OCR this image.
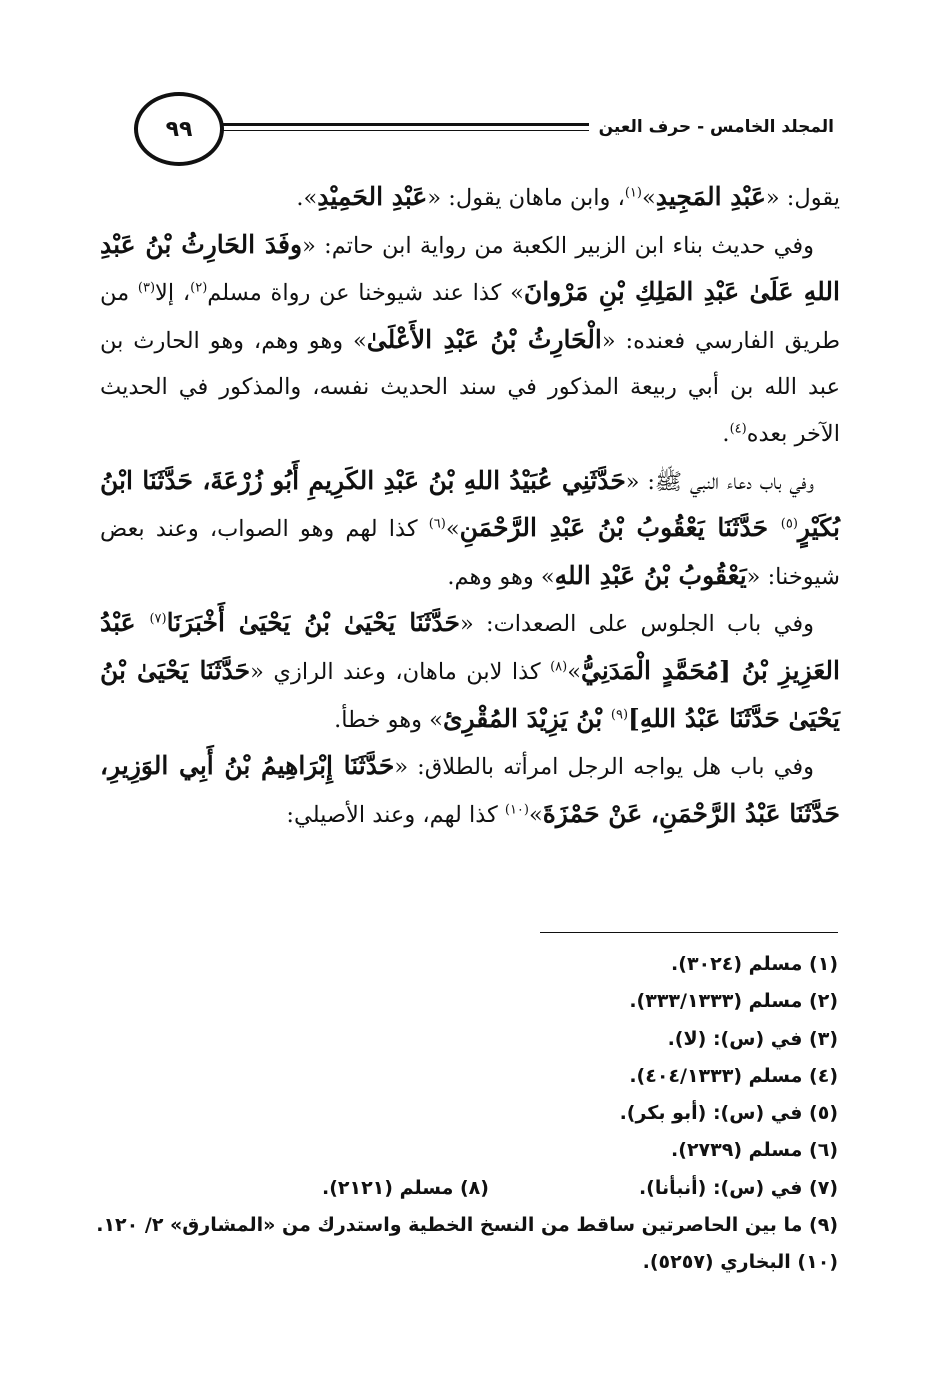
المجلد الخامس - حرف العين
٩٩

يقول: «عَبْدِ المَجِيدِ»$^{(١)}$، وابن ماهان يقول: «عَبْدِ الحَمِيْدِ».

وفي حديث بناء ابن الزبير الكعبة من رواية ابن حاتم: «وفَدَ الحَارِثُ بْنُ عَبْدِ اللهِ عَلَىٰ عَبْدِ المَلِكِ بْنِ مَرْوانَ» كذا عند شيوخنا عن رواة مسلم$^{(٢)}$، إلا$^{(٣)}$ من طريق الفارسي فعنده: «الْحَارِثُ بْنُ عَبْدِ الأَعْلَىٰ» وهو وهم، وهو الحارث بن عبد الله بن أبي ربيعة المذكور في سند الحديث نفسه، والمذكور في الحديث الآخر بعده$^{(٤)}$.

وفي باب دعاء النبي ﷺ: «حَدَّثَنِي عُبَيْدُ اللهِ بْنُ عَبْدِ الكَرِيمِ أَبُو زُرْعَةَ، حَدَّثَنَا ابْنُ بُكَيْرٍ$^{(٥)}$ حَدَّثَنَا يَعْقُوبُ بْنُ عَبْدِ الرَّحْمَنِ»$^{(٦)}$ كذا لهم وهو الصواب، وعند بعض شيوخنا: «يَعْقُوبُ بْنُ عَبْدِ اللهِ» وهو وهم.

وفي باب الجلوس على الصعدات: «حَدَّثَنَا يَحْيَىٰ بْنُ يَحْيَىٰ أَخْبَرَنَا$^{(٧)}$ عَبْدُ العَزِيزِ بْنُ [مُحَمَّدٍ الْمَدَنِيُّ»$^{(٨)}$ كذا لابن ماهان، وعند الرازي «حَدَّثَنَا يَحْيَىٰ بْنُ يَحْيَىٰ حَدَّثَنَا عَبْدُ اللهِ]$^{(٩)}$ بْنُ يَزِيْدَ المُقْرِئ» وهو خطأ.

وفي باب هل يواجه الرجل امرأته بالطلاق: «حَدَّثَنَا إِبْرَاهِيمُ بْنُ أَبِي الوَزِيرِ، حَدَّثَنَا عَبْدُ الرَّحْمَنِ، عَنْ حَمْزَةَ»$^{(١٠)}$ كذا لهم، وعند الأصيلي:

(١) مسلم (٣٠٢٤).
(٢) مسلم (٣٣٣/١٣٣٣).
(٣) في (س): (لا).
(٤) مسلم (٤٠٤/١٣٣٣).
(٥) في (س): (أبو بكر).
(٦) مسلم (٢٧٣٩).
(٧) في (س): (أنبأنا).
(٨) مسلم (٢١٢١).
(٩) ما بين الحاصرتين ساقط من النسخ الخطية واستدرك من «المشارق» ٢/ ١٢٠.
(١٠) البخاري (٥٢٥٧).
